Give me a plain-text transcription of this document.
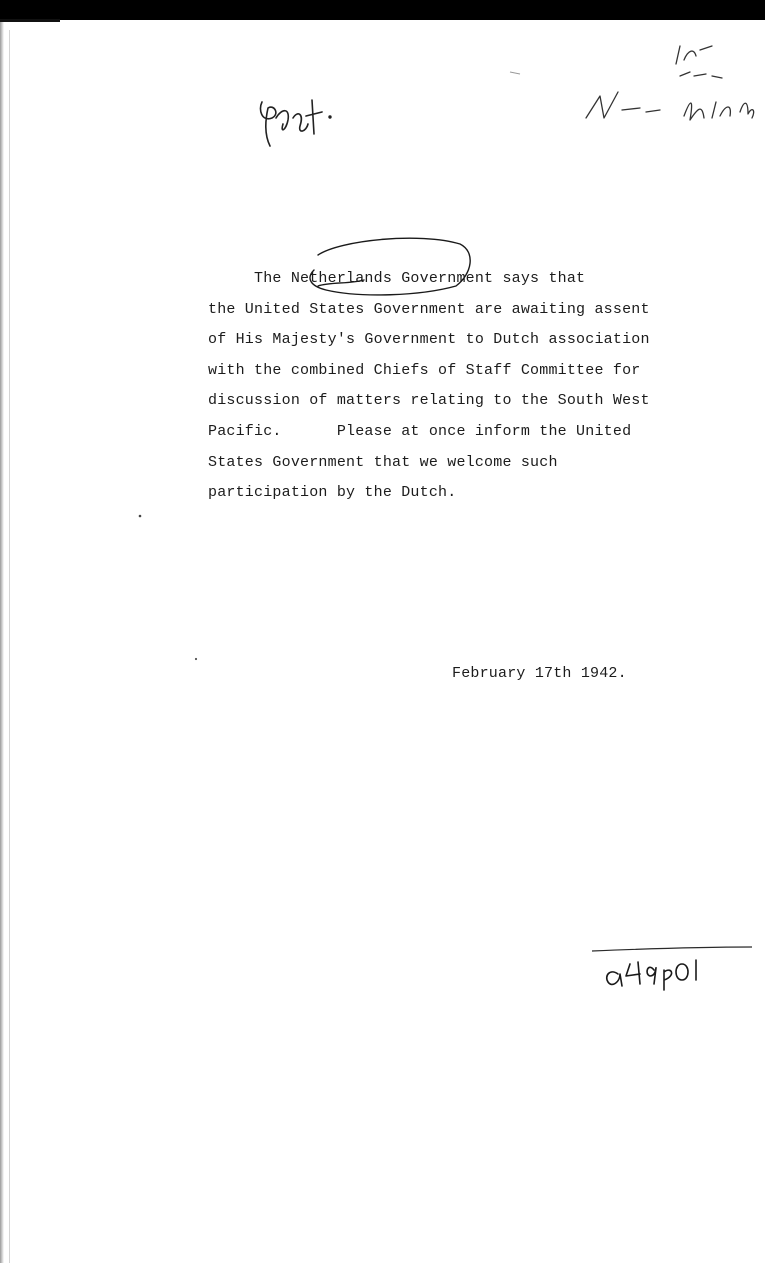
The Netherlands Government says that
the United States Government are awaiting assent
of His Majesty's Government to Dutch association
with the combined Chiefs of Staff Committee for
discussion of matters relating to the South West
Pacific.      Please at once inform the United
States Government that we welcome such
participation by the Dutch.
February 17th 1942.
